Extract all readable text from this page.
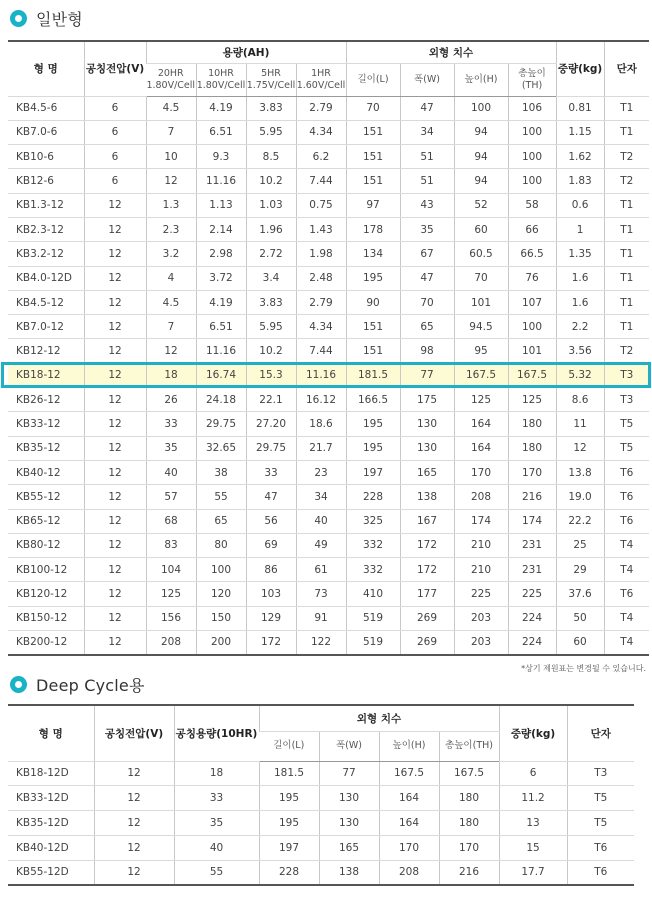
일반형
형 명	공칭전압(V)	용량(AH)				외형 치수				중량(kg)	단자
		20HR 1.80V/Cell	10HR 1.80V/Cell	5HR 1.75V/Cell	1HR 1.60V/Cell	길이(L)	폭(W)	높이(H)	총높이(TH)		
KB4.5-6	6	4.5	4.19	3.83	2.79	70	47	100	106	0.81	T1
KB7.0-6	6	7	6.51	5.95	4.34	151	34	94	100	1.15	T1
KB10-6	6	10	9.3	8.5	6.2	151	51	94	100	1.62	T2
KB12-6	6	12	11.16	10.2	7.44	151	51	94	100	1.83	T2
KB1.3-12	12	1.3	1.13	1.03	0.75	97	43	52	58	0.6	T1
KB2.3-12	12	2.3	2.14	1.96	1.43	178	35	60	66	1	T1
KB3.2-12	12	3.2	2.98	2.72	1.98	134	67	60.5	66.5	1.35	T1
KB4.0-12D	12	4	3.72	3.4	2.48	195	47	70	76	1.6	T1
KB4.5-12	12	4.5	4.19	3.83	2.79	90	70	101	107	1.6	T1
KB7.0-12	12	7	6.51	5.95	4.34	151	65	94.5	100	2.2	T1
KB12-12	12	12	11.16	10.2	7.44	151	98	95	101	3.56	T2
KB18-12	12	18	16.74	15.3	11.16	181.5	77	167.5	167.5	5.32	T3
KB26-12	12	26	24.18	22.1	16.12	166.5	175	125	125	8.6	T3
KB33-12	12	33	29.75	27.20	18.6	195	130	164	180	11	T5
KB35-12	12	35	32.65	29.75	21.7	195	130	164	180	12	T5
KB40-12	12	40	38	33	23	197	165	170	170	13.8	T6
KB55-12	12	57	55	47	34	228	138	208	216	19.0	T6
KB65-12	12	68	65	56	40	325	167	174	174	22.2	T6
KB80-12	12	83	80	69	49	332	172	210	231	25	T4
KB100-12	12	104	100	86	61	332	172	210	231	29	T4
KB120-12	12	125	120	103	73	410	177	225	225	37.6	T6
KB150-12	12	156	150	129	91	519	269	203	224	50	T4
KB200-12	12	208	200	172	122	519	269	203	224	60	T4
*상기 제원표는 변경될 수 있습니다.
Deep Cycle용
형 명	공칭전압(V)	공칭용량(10HR)	외형 치수				중량(kg)	단자
			길이(L)	폭(W)	높이(H)	총높이(TH)		
KB18-12D	12	18	181.5	77	167.5	167.5	6	T3
KB33-12D	12	33	195	130	164	180	11.2	T5
KB35-12D	12	35	195	130	164	180	13	T5
KB40-12D	12	40	197	165	170	170	15	T6
KB55-12D	12	55	228	138	208	216	17.7	T6
